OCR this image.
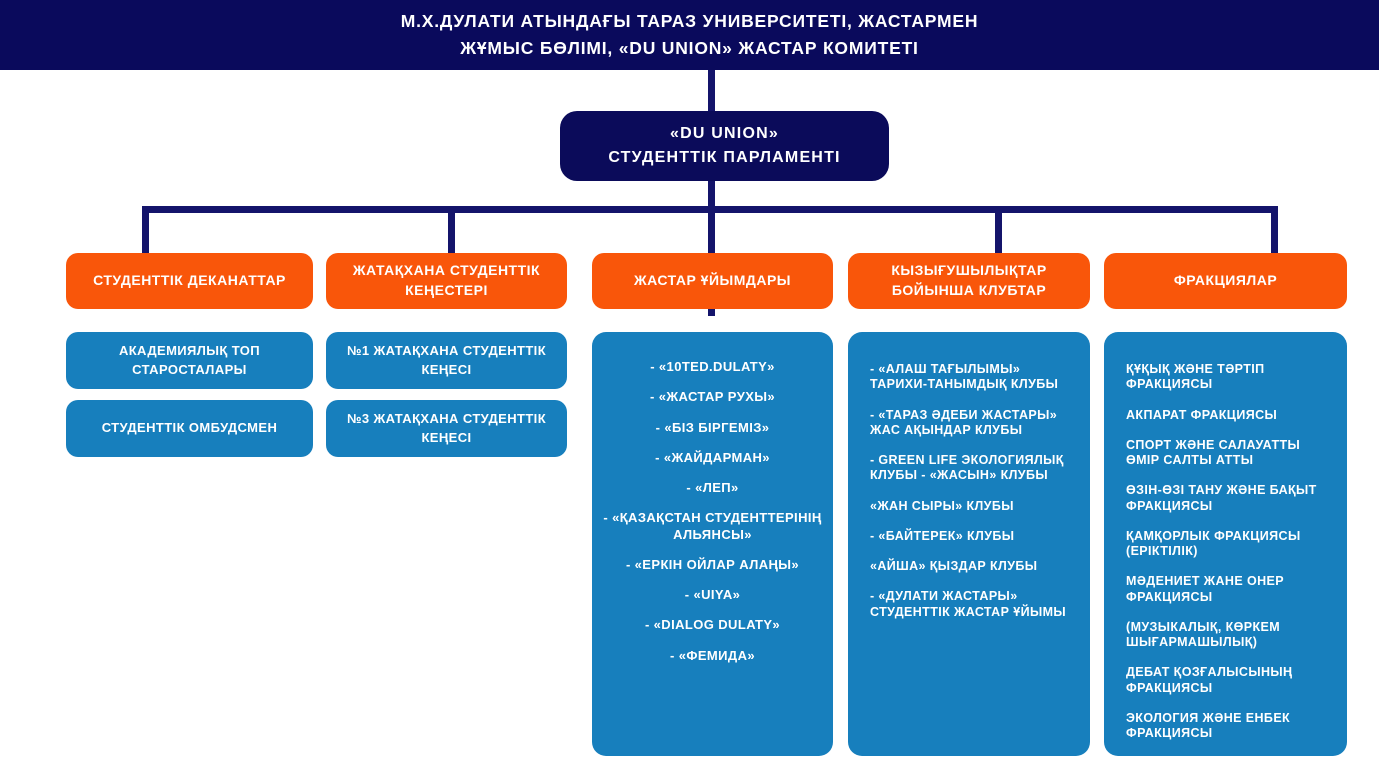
М.Х.ДУЛАТИ АТЫНДАҒЫ ТАРАЗ УНИВЕРСИТЕТІ, ЖАСТАРМЕН
ЖҰМЫС БӨЛІМІ, «DU UNION» ЖАСТАР КОМИТЕТІ
«DU UNION»
СТУДЕНТТІК ПАРЛАМЕНТІ
СТУДЕНТТІК ДЕКАНАТТАР
АКАДЕМИЯЛЫҚ ТОП СТАРОСТАЛАРЫ
СТУДЕНТТІК ОМБУДСМЕН
ЖАТАҚХАНА СТУДЕНТТІК КЕҢЕСТЕРІ
№1 ЖАТАҚХАНА СТУДЕНТТІК КЕҢЕСІ
№3 ЖАТАҚХАНА СТУДЕНТТІК КЕҢЕСІ
ЖАСТАР ҰЙЫМДАРЫ
- «10TED.DULATY»
- «ЖАСТАР РУХЫ»
- «БІЗ БІРГЕМІЗ»
- «ЖАЙДАРМАН»
- «ЛЕП»
- «ҚАЗАҚСТАН СТУДЕНТТЕРІНІҢ АЛЬЯНСЫ»
- «ЕРКІН ОЙЛАР АЛАҢЫ»
- «UIYA»
- «DIALOG DULATY»
- «ФЕМИДА»
КЫЗЫҒУШЫЛЫҚТАР БОЙЫНША КЛУБТАР
- «АЛАШ ТАҒЫЛЫМЫ» ТАРИХИ-ТАНЫМДЫҚ КЛУБЫ
- «ТАРАЗ ӘДЕБИ ЖАСТАРЫ» ЖАС АҚЫНДАР КЛУБЫ
- GREEN LIFE ЭКОЛОГИЯЛЫҚ КЛУБЫ - «ЖАСЫН» КЛУБЫ
«ЖАН СЫРЫ» КЛУБЫ
- «БАЙТЕРЕК» КЛУБЫ
«АЙША» ҚЫЗДАР КЛУБЫ
- «ДУЛАТИ ЖАСТАРЫ» СТУДЕНТТІК ЖАСТАР ҰЙЫМЫ
ФРАКЦИЯЛАР
ҚҰҚЫҚ ЖӘНЕ ТӘРТІП ФРАКЦИЯСЫ
АКПАРАТ ФРАКЦИЯСЫ
СПОРТ ЖӘНЕ САЛАУАТТЫ ӨМІР САЛТЫ АТТЫ
ӨЗІН-ӨЗІ ТАНУ ЖӘНЕ БАҚЫТ ФРАКЦИЯСЫ
ҚАМҚОРЛЫК ФРАКЦИЯСЫ (ЕРІКТІЛІК)
МӘДЕНИЕТ ЖАНЕ ОНЕР ФРАКЦИЯСЫ
(МУЗЫКАЛЫҚ, КӨРКЕМ ШЫҒАРМАШЫЛЫҚ)
ДЕБАТ ҚОЗҒАЛЫСЫНЫҢ ФРАКЦИЯСЫ
ЭКОЛОГИЯ ЖӘНЕ ЕНБЕК ФРАКЦИЯСЫ
